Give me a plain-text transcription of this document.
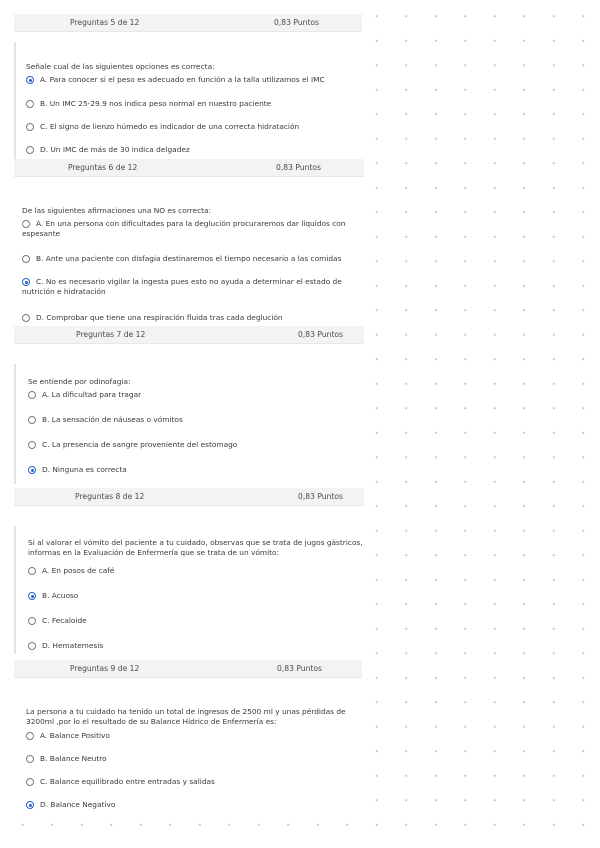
Preguntas 5 de 12	0,83 Puntos
Señale cual de las siguientes opciones es correcta:
A. Para conocer si el peso es adecuado en función a la talla utilizamos el IMC
B. Un IMC 25-29.9 nos indica peso normal en nuestro paciente
C. El signo de lienzo húmedo es indicador de una correcta hidratación
D. Un IMC de más de 30 indica delgadez
Preguntas 6 de 12	0,83 Puntos
De las siguientes afirmaciones una NO es correcta:
A. En una persona con dificultades para la deglución procuraremos dar líquidos con espesante
B. Ante una paciente con disfagia destinaremos el tiempo necesario a las comidas
C. No es necesario vigilar la ingesta pues esto no ayuda a determinar el estado de nutrición e hidratación
D. Comprobar que tiene una respiración fluida tras cada deglución
Preguntas 7 de 12	0,83 Puntos
Se entiende por odinofagia:
A. La dificultad para tragar
B. La sensación de náuseas o vómitos
C. La presencia de sangre proveniente del estomago
D. Ninguna es correcta
Preguntas 8 de 12	0,83 Puntos
Si al valorar el vómito del paciente a tu cuidado, observas que se trata de jugos gástricos, informas en la Evaluación de Enfermería que se trata de un vómito:
A. En posos de café
B. Acuoso
C. Fecaloide
D. Hematemesis
Preguntas 9 de 12	0,83 Puntos
La persona a tu cuidado ha tenido un total de ingresos de 2500 ml y unas pérdidas de 3200ml ,por lo el resultado de su Balance Hídrico de Enfermería es:
A. Balance Positivo
B. Balance Neutro
C. Balance equilibrado entre entradas y salidas
D. Balance Negativo
